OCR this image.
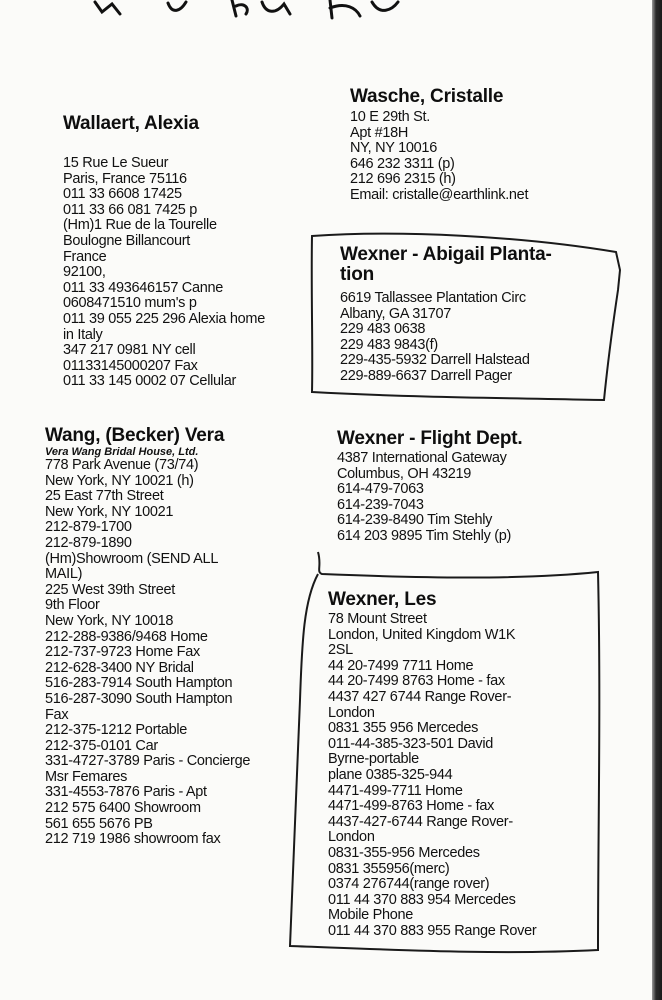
Wallaert, Alexia
15 Rue Le Sueur
Paris, France 75116
011 33 6608 17425
011 33 66 081 7425 p
(Hm)1 Rue de la Tourelle
Boulogne Billancourt
France
92100,
011 33 493646157 Canne
0608471510 mum's p
011 39 055 225 296 Alexia home
in Italy
347 217 0981 NY cell
01133145000207 Fax
011 33 145 0002 07 Cellular
Wasche, Cristalle
10 E 29th St.
Apt #18H
NY, NY 10016
646 232 3311 (p)
212 696 2315 (h)
Email: cristalle@earthlink.net
Wexner - Abigail Planta-
tion
6619 Tallassee Plantation Circ
Albany, GA 31707
229 483 0638
229 483 9843(f)
229-435-5932 Darrell Halstead
229-889-6637 Darrell Pager
Wang, (Becker) Vera
Vera Wang Bridal House, Ltd.
778 Park Avenue (73/74)
New York, NY 10021 (h)
25 East 77th Street
New York, NY 10021
212-879-1700
212-879-1890
(Hm)Showroom (SEND ALL
MAIL)
225 West 39th Street
9th Floor
New York, NY 10018
212-288-9386/9468 Home
212-737-9723 Home Fax
212-628-3400 NY Bridal
516-283-7914 South Hampton
516-287-3090 South Hampton
Fax
212-375-1212 Portable
212-375-0101 Car
331-4727-3789 Paris - Concierge
Msr Femares
331-4553-7876 Paris - Apt
212 575 6400 Showroom
561 655 5676 PB
212 719 1986 showroom fax
Wexner - Flight Dept.
4387 International Gateway
Columbus, OH 43219
614-479-7063
614-239-7043
614-239-8490 Tim Stehly
614 203 9895 Tim Stehly (p)
Wexner, Les
78 Mount Street
London, United Kingdom W1K
2SL
44 20-7499 7711 Home
44 20-7499 8763 Home - fax
4437 427 6744 Range Rover-
London
0831 355 956 Mercedes
011-44-385-323-501 David
Byrne-portable
plane 0385-325-944
4471-499-7711 Home
4471-499-8763 Home - fax
4437-427-6744 Range Rover-
London
0831-355-956 Mercedes
0831 355956(merc)
0374 276744(range rover)
011 44 370 883 954 Mercedes
Mobile Phone
011 44 370 883 955 Range Rover
